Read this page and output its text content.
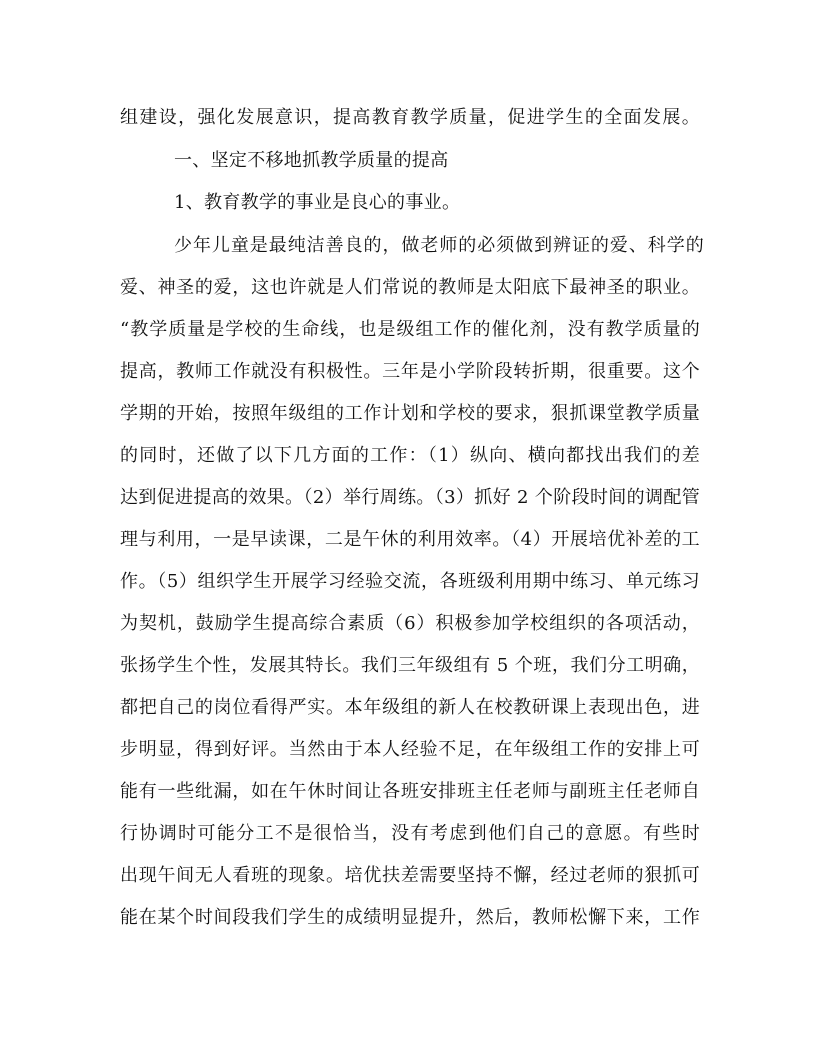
组建设，强化发展意识，提高教育教学质量，促进学生的全面发展。
一、坚定不移地抓教学质量的提高
1、教育教学的事业是良心的事业。
少年儿童是最纯洁善良的，做老师的必须做到辨证的爱、科学的
爱、神圣的爱，这也许就是人们常说的教师是太阳底下最神圣的职业。
“教学质量是学校的生命线，也是级组工作的催化剂，没有教学质量的
提高，教师工作就没有积极性。三年是小学阶段转折期，很重要。这个
学期的开始，按照年级组的工作计划和学校的要求，狠抓课堂教学质量
的同时，还做了以下几方面的工作：（1）纵向、横向都找出我们的差
达到促进提高的效果。（2）举行周练。（3）抓好 2 个阶段时间的调配管
理与利用，一是早读课，二是午休的利用效率。（4）开展培优补差的工
作。（5）组织学生开展学习经验交流，各班级利用期中练习、单元练习
为契机，鼓励学生提高综合素质（6）积极参加学校组织的各项活动，
张扬学生个性，发展其特长。我们三年级组有 5 个班，我们分工明确，
都把自己的岗位看得严实。本年级组的新人在校教研课上表现出色，进
步明显，得到好评。当然由于本人经验不足，在年级组工作的安排上可
能有一些纰漏，如在午休时间让各班安排班主任老师与副班主任老师自
行协调时可能分工不是很恰当，没有考虑到他们自己的意愿。有些时
出现午间无人看班的现象。培优扶差需要坚持不懈，经过老师的狠抓可
能在某个时间段我们学生的成绩明显提升，然后，教师松懈下来，工作
